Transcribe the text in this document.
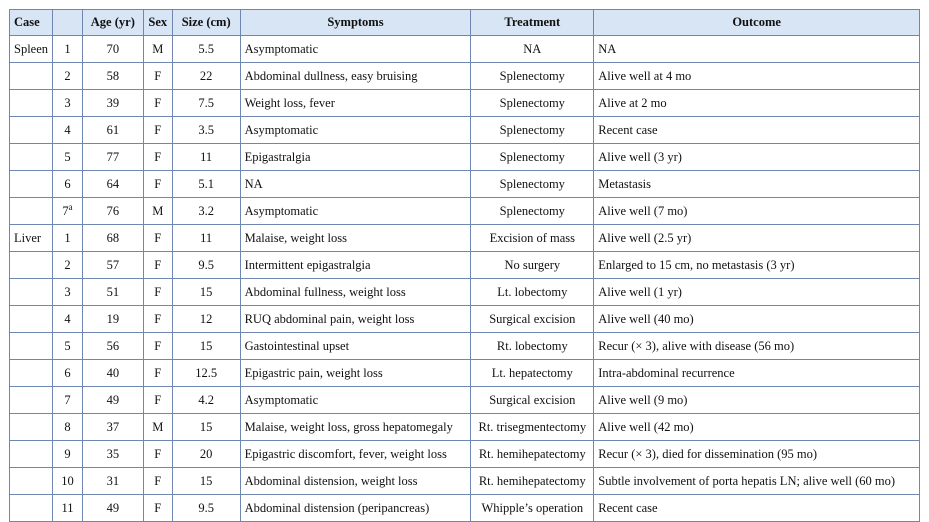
Case		Age (yr)	Sex	Size (cm)	Symptoms	Treatment	Outcome
Spleen	1	70	M	5.5	Asymptomatic	NA	NA
	2	58	F	22	Abdominal dullness, easy bruising	Splenectomy	Alive well at 4 mo
	3	39	F	7.5	Weight loss, fever	Splenectomy	Alive at 2 mo
	4	61	F	3.5	Asymptomatic	Splenectomy	Recent case
	5	77	F	11	Epigastralgia	Splenectomy	Alive well (3 yr)
	6	64	F	5.1	NA	Splenectomy	Metastasis
	7$^a$	76	M	3.2	Asymptomatic	Splenectomy	Alive well (7 mo)
Liver	1	68	F	11	Malaise, weight loss	Excision of mass	Alive well (2.5 yr)
	2	57	F	9.5	Intermittent epigastralgia	No surgery	Enlarged to 15 cm, no metastasis (3 yr)
	3	51	F	15	Abdominal fullness, weight loss	Lt. lobectomy	Alive well (1 yr)
	4	19	F	12	RUQ abdominal pain, weight loss	Surgical excision	Alive well (40 mo)
	5	56	F	15	Gastointestinal upset	Rt. lobectomy	Recur (× 3), alive with disease (56 mo)
	6	40	F	12.5	Epigastric pain, weight loss	Lt. hepatectomy	Intra-abdominal recurrence
	7	49	F	4.2	Asymptomatic	Surgical excision	Alive well (9 mo)
	8	37	M	15	Malaise, weight loss, gross hepatomegaly	Rt. trisegmentectomy	Alive well (42 mo)
	9	35	F	20	Epigastric discomfort, fever, weight loss	Rt. hemihepatectomy	Recur (× 3), died for dissemination (95 mo)
	10	31	F	15	Abdominal distension, weight loss	Rt. hemihepatectomy	Subtle involvement of porta hepatis LN; alive well (60 mo)
	11	49	F	9.5	Abdominal distension (peripancreas)	Whipple’s operation	Recent case
